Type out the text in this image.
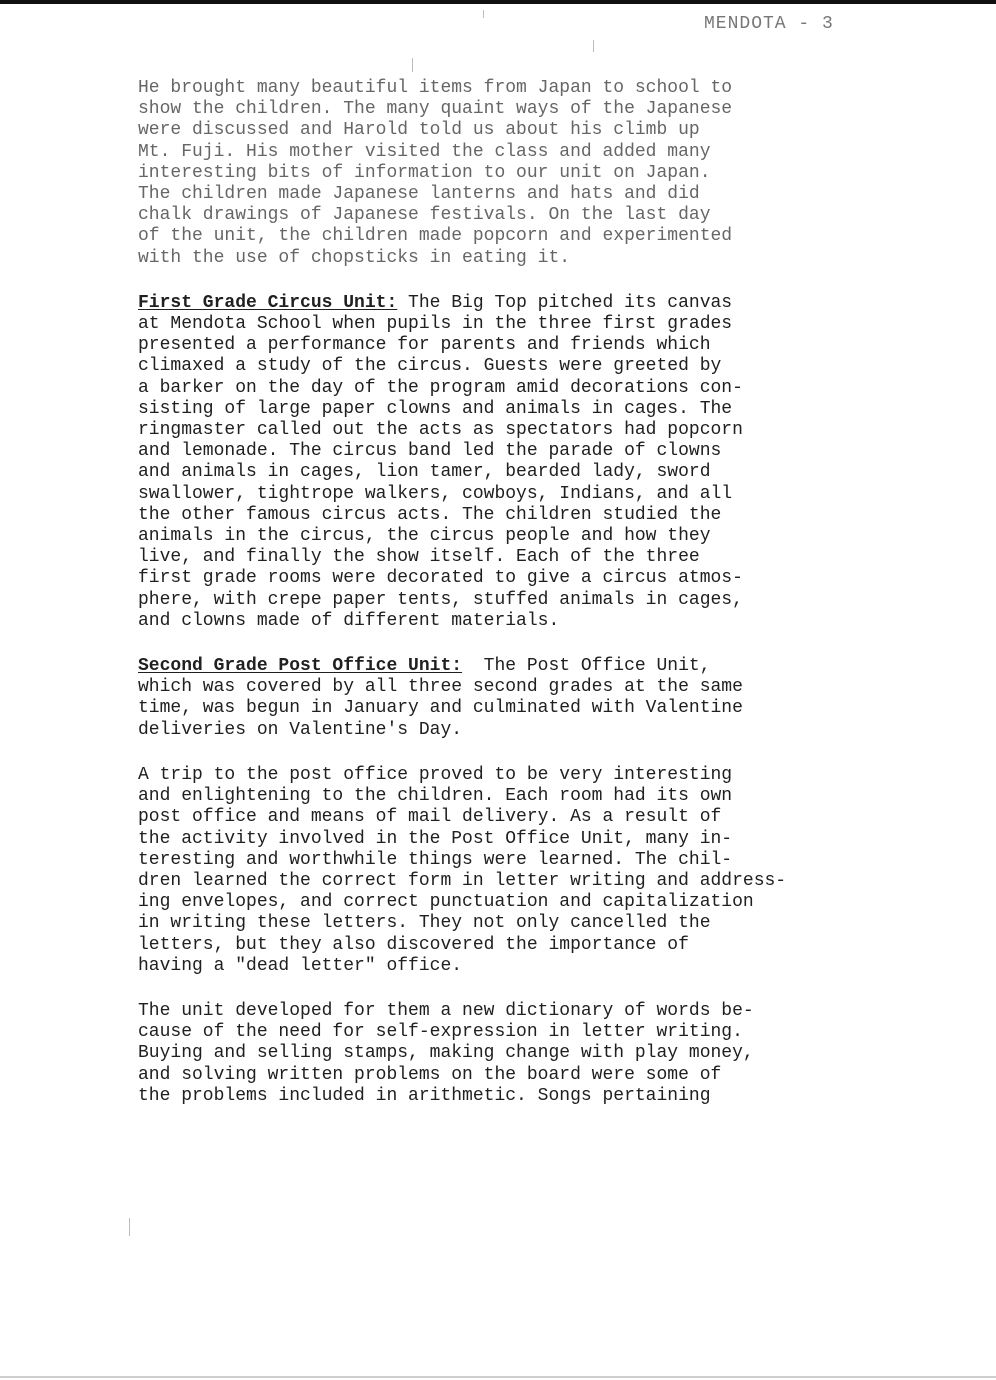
MENDOTA - 3
He brought many beautiful items from Japan to school to
show the children. The many quaint ways of the Japanese
were discussed and Harold told us about his climb up
Mt. Fuji. His mother visited the class and added many
interesting bits of information to our unit on Japan.
The children made Japanese lanterns and hats and did
chalk drawings of Japanese festivals. On the last day
of the unit, the children made popcorn and experimented
with the use of chopsticks in eating it.
First Grade Circus Unit: The Big Top pitched its canvas
at Mendota School when pupils in the three first grades
presented a performance for parents and friends which
climaxed a study of the circus. Guests were greeted by
a barker on the day of the program amid decorations con-
sisting of large paper clowns and animals in cages. The
ringmaster called out the acts as spectators had popcorn
and lemonade. The circus band led the parade of clowns
and animals in cages, lion tamer, bearded lady, sword
swallower, tightrope walkers, cowboys, Indians, and all
the other famous circus acts. The children studied the
animals in the circus, the circus people and how they
live, and finally the show itself. Each of the three
first grade rooms were decorated to give a circus atmos-
phere, with crepe paper tents, stuffed animals in cages,
and clowns made of different materials.
Second Grade Post Office Unit:  The Post Office Unit,
which was covered by all three second grades at the same
time, was begun in January and culminated with Valentine
deliveries on Valentine's Day.
A trip to the post office proved to be very interesting
and enlightening to the children. Each room had its own
post office and means of mail delivery. As a result of
the activity involved in the Post Office Unit, many in-
teresting and worthwhile things were learned. The chil-
dren learned the correct form in letter writing and address-
ing envelopes, and correct punctuation and capitalization
in writing these letters. They not only cancelled the
letters, but they also discovered the importance of
having a "dead letter" office.
The unit developed for them a new dictionary of words be-
cause of the need for self-expression in letter writing.
Buying and selling stamps, making change with play money,
and solving written problems on the board were some of
the problems included in arithmetic. Songs pertaining
